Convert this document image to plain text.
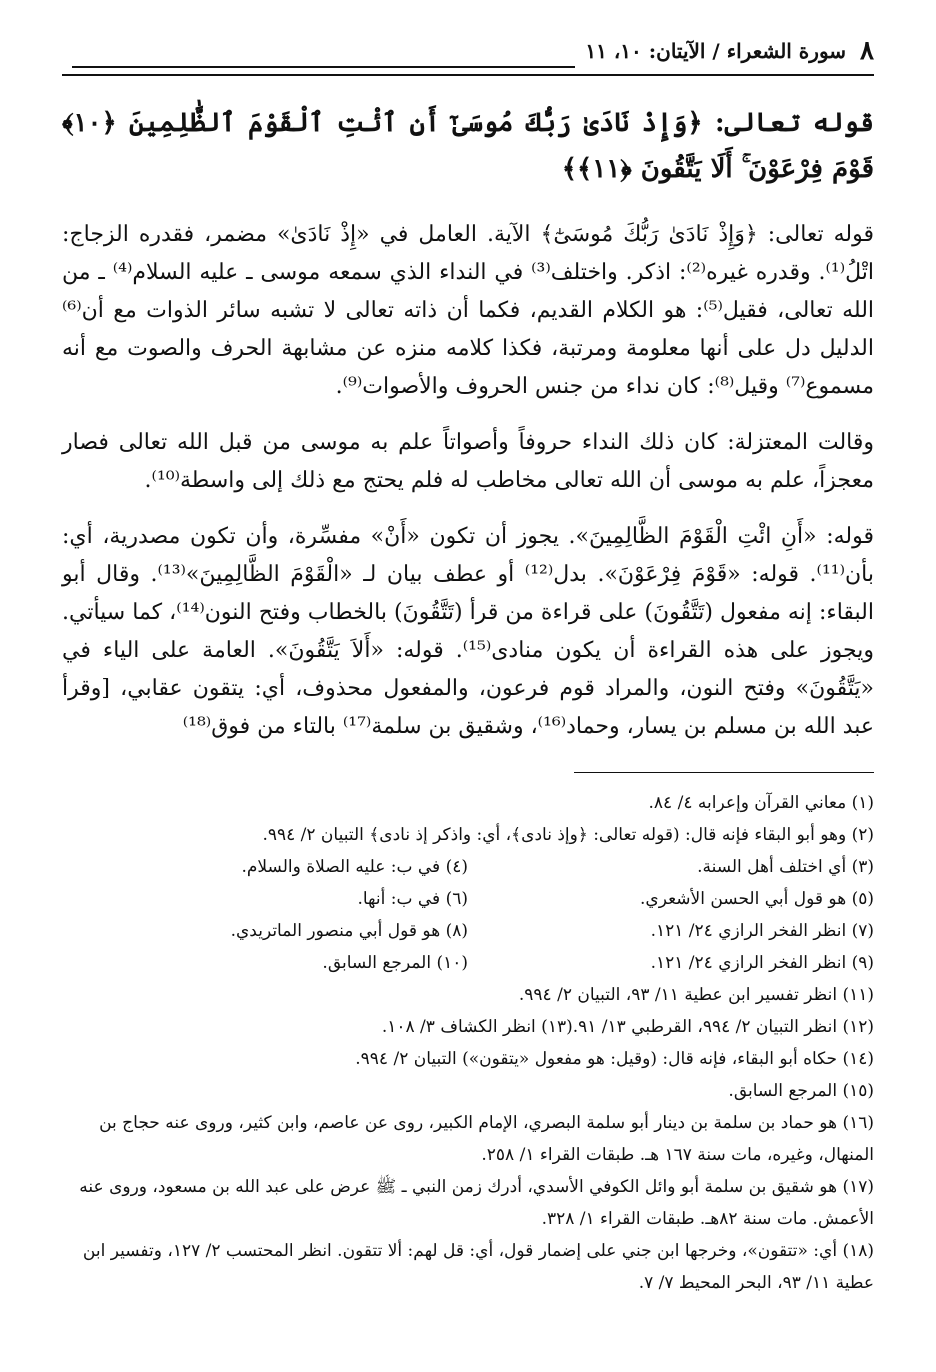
٨
سورة الشعراء / الآيتان: ١٠، ١١
قوله تعالى: ﴿وَإِذْ نَادَىٰ رَبُّكَ مُوسَىٰٓ أَنِ ٱئْتِ ٱلْقَوْمَ ٱلظَّٰلِمِينَ ﴿١٠﴾ قَوْمَ فِرْعَوْنَ ۚ أَلَا يَتَّقُونَ ﴿١١﴾﴾

قوله تعالى: ﴿وَإِذْ نَادَىٰ رَبُّكَ مُوسَىٰٓ﴾ الآية. العامل في «إِذْ نَادَىٰ» مضمر، فقدره الزجاج: اتْلُ⁽¹⁾. وقدره غيره⁽²⁾: اذكر. واختلف⁽³⁾ في النداء الذي سمعه موسى ـ عليه السلام⁽⁴⁾ ـ من الله تعالى، فقيل⁽⁵⁾: هو الكلام القديم، فكما أن ذاته تعالى لا تشبه سائر الذوات مع أن⁽⁶⁾ الدليل دل على أنها معلومة ومرتبة، فكذا كلامه منزه عن مشابهة الحرف والصوت مع أنه مسموع⁽⁷⁾ وقيل⁽⁸⁾: كان نداء من جنس الحروف والأصوات⁽⁹⁾.

وقالت المعتزلة: كان ذلك النداء حروفاً وأصواتاً علم به موسى من قبل الله تعالى فصار معجزاً، علم به موسى أن الله تعالى مخاطب له فلم يحتج مع ذلك إلى واسطة⁽¹⁰⁾.

قوله: «أَنِ ائْتِ الْقَوْمَ الظَّالِمِينَ». يجوز أن تكون «أَنْ» مفسِّرة، وأن تكون مصدرية، أي: بأن⁽¹¹⁾. قوله: «قَوْمَ فِرْعَوْنَ». بدل⁽¹²⁾ أو عطف بيان لـ «الْقَوْمَ الظَّالِمِينَ»⁽¹³⁾. وقال أبو البقاء: إنه مفعول (تَتَّقُونَ) على قراءة من قرأ (تَتَّقُونَ) بالخطاب وفتح النون⁽¹⁴⁾، كما سيأتي. ويجوز على هذه القراءة أن يكون منادى⁽¹⁵⁾. قوله: «أَلاَ يَتَّقُونَ». العامة على الياء في «يَتَّقُونَ» وفتح النون، والمراد قوم فرعون، والمفعول محذوف، أي: يتقون عقابي، [وقرأ عبد الله بن مسلم بن يسار، وحماد⁽¹⁶⁾، وشقيق بن سلمة⁽¹⁷⁾ بالتاء من فوق⁽¹⁸⁾

(١) معاني القرآن وإعرابه ٤/ ٨٤.
(٢) وهو أبو البقاء فإنه قال: (قوله تعالى: ﴿وإذ نادى﴾، أي: واذكر إذ نادى﴾ التبيان ٢/ ٩٩٤.
(٣) أي اختلف أهل السنة.
(٤) في ب: عليه الصلاة والسلام.
(٥) هو قول أبي الحسن الأشعري.
(٦) في ب: أنها.
(٧) انظر الفخر الرازي ٢٤/ ١٢١.
(٨) هو قول أبي منصور الماتريدي.
(٩) انظر الفخر الرازي ٢٤/ ١٢١.
(١٠) المرجع السابق.
(١١) انظر تفسير ابن عطية ١١/ ٩٣، التبيان ٢/ ٩٩٤.
(١٢) انظر التبيان ٢/ ٩٩٤، القرطبي ١٣/ ٩١.(١٣) انظر الكشاف ٣/ ١٠٨.
(١٤) حكاه أبو البقاء، فإنه قال: (وقيل: هو مفعول «يتقون») التبيان ٢/ ٩٩٤.
(١٥) المرجع السابق.
(١٦) هو حماد بن سلمة بن دينار أبو سلمة البصري، الإمام الكبير، روى عن عاصم، وابن كثير، وروى عنه حجاج بن المنهال، وغيره، مات سنة ١٦٧ هـ. طبقات القراء ١/ ٢٥٨.
(١٧) هو شقيق بن سلمة أبو وائل الكوفي الأسدي، أدرك زمن النبي ـ ﷺ عرض على عبد الله بن مسعود، وروى عنه الأعمش. مات سنة ٨٢هـ. طبقات القراء ١/ ٣٢٨.
(١٨) أي: «تتقون»، وخرجها ابن جني على إضمار قول، أي: قل لهم: ألا تتقون. انظر المحتسب ٢/ ١٢٧، وتفسير ابن عطية ١١/ ٩٣، البحر المحيط ٧/ ٧.
